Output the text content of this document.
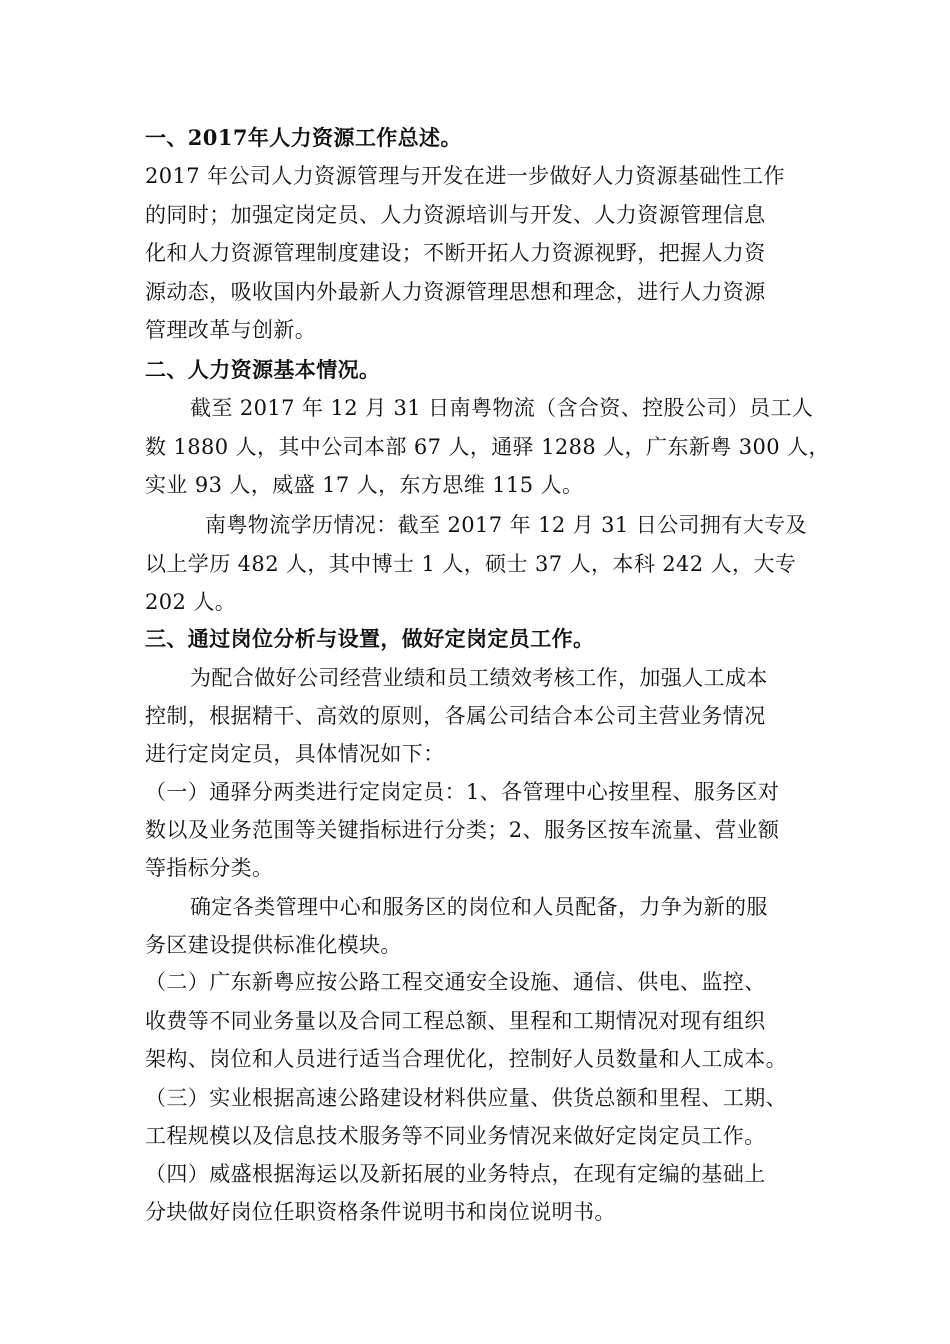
一、2017年人力资源工作总述。
2017 年公司人力资源管理与开发在进一步做好人力资源基础性工作
的同时；加强定岗定员、人力资源培训与开发、人力资源管理信息
化和人力资源管理制度建设；不断开拓人力资源视野，把握人力资
源动态，吸收国内外最新人力资源管理思想和理念，进行人力资源
管理改革与创新。
二、人力资源基本情况。
截至 2017 年 12 月 31 日南粤物流（含合资、控股公司）员工人
数 1880 人，其中公司本部 67 人，通驿 1288 人，广东新粤 300 人，
实业 93 人，威盛 17 人，东方思维 115 人。
南粤物流学历情况：截至 2017 年 12 月 31 日公司拥有大专及
以上学历 482 人，其中博士 1 人，硕士 37 人，本科 242 人，大专
202 人。
三、通过岗位分析与设置，做好定岗定员工作。
为配合做好公司经营业绩和员工绩效考核工作，加强人工成本
控制，根据精干、高效的原则，各属公司结合本公司主营业务情况
进行定岗定员，具体情况如下：
（一）通驿分两类进行定岗定员：1、各管理中心按里程、服务区对
数以及业务范围等关键指标进行分类；2、服务区按车流量、营业额
等指标分类。
确定各类管理中心和服务区的岗位和人员配备，力争为新的服
务区建设提供标准化模块。
（二）广东新粤应按公路工程交通安全设施、通信、供电、监控、
收费等不同业务量以及合同工程总额、里程和工期情况对现有组织
架构、岗位和人员进行适当合理优化，控制好人员数量和人工成本。
（三）实业根据高速公路建设材料供应量、供货总额和里程、工期、
工程规模以及信息技术服务等不同业务情况来做好定岗定员工作。
（四）威盛根据海运以及新拓展的业务特点，在现有定编的基础上
分块做好岗位任职资格条件说明书和岗位说明书。
